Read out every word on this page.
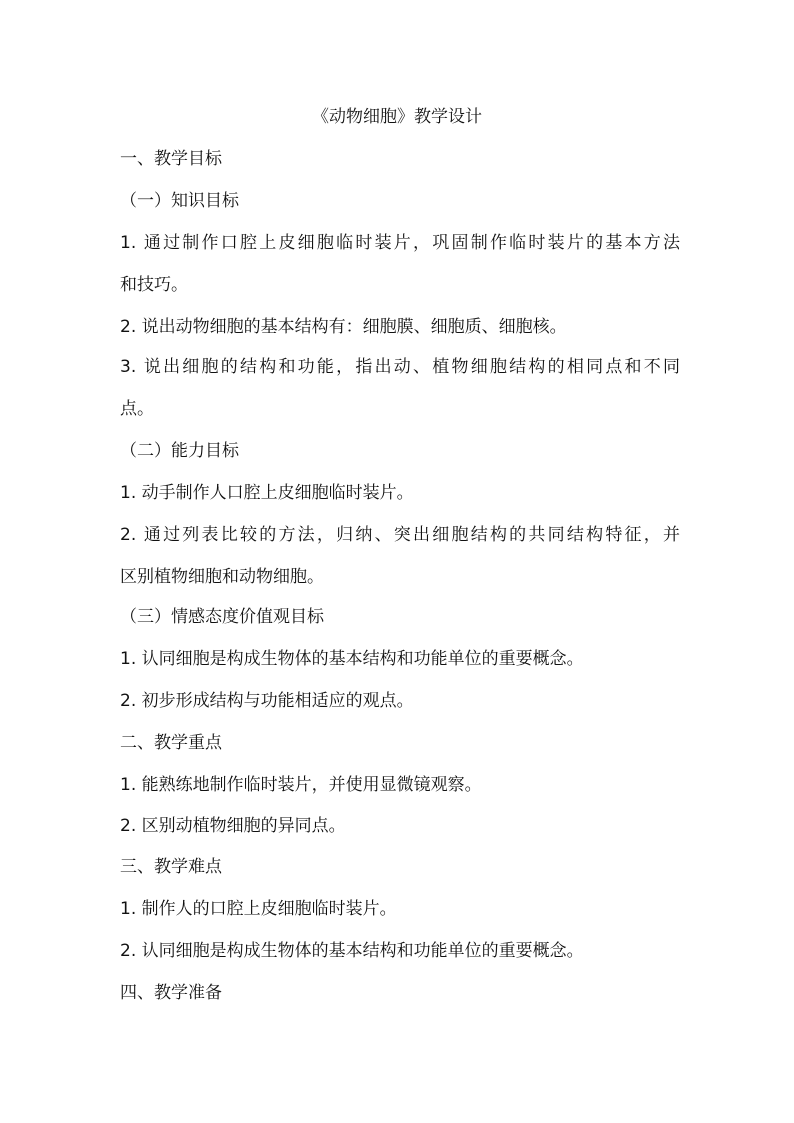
《动物细胞》教学设计
一、教学目标
（一）知识目标
1. 通过制作口腔上皮细胞临时装片，巩固制作临时装片的基本方法
和技巧。
2. 说出动物细胞的基本结构有：细胞膜、细胞质、细胞核。
3. 说出细胞的结构和功能，指出动、植物细胞结构的相同点和不同
点。
（二）能力目标
1. 动手制作人口腔上皮细胞临时装片。
2. 通过列表比较的方法，归纳、突出细胞结构的共同结构特征，并
区别植物细胞和动物细胞。
（三）情感态度价值观目标
1. 认同细胞是构成生物体的基本结构和功能单位的重要概念。
2. 初步形成结构与功能相适应的观点。
二、教学重点
1. 能熟练地制作临时装片，并使用显微镜观察。
2. 区别动植物细胞的异同点。
三、教学难点
1. 制作人的口腔上皮细胞临时装片。
2. 认同细胞是构成生物体的基本结构和功能单位的重要概念。
四、教学准备
